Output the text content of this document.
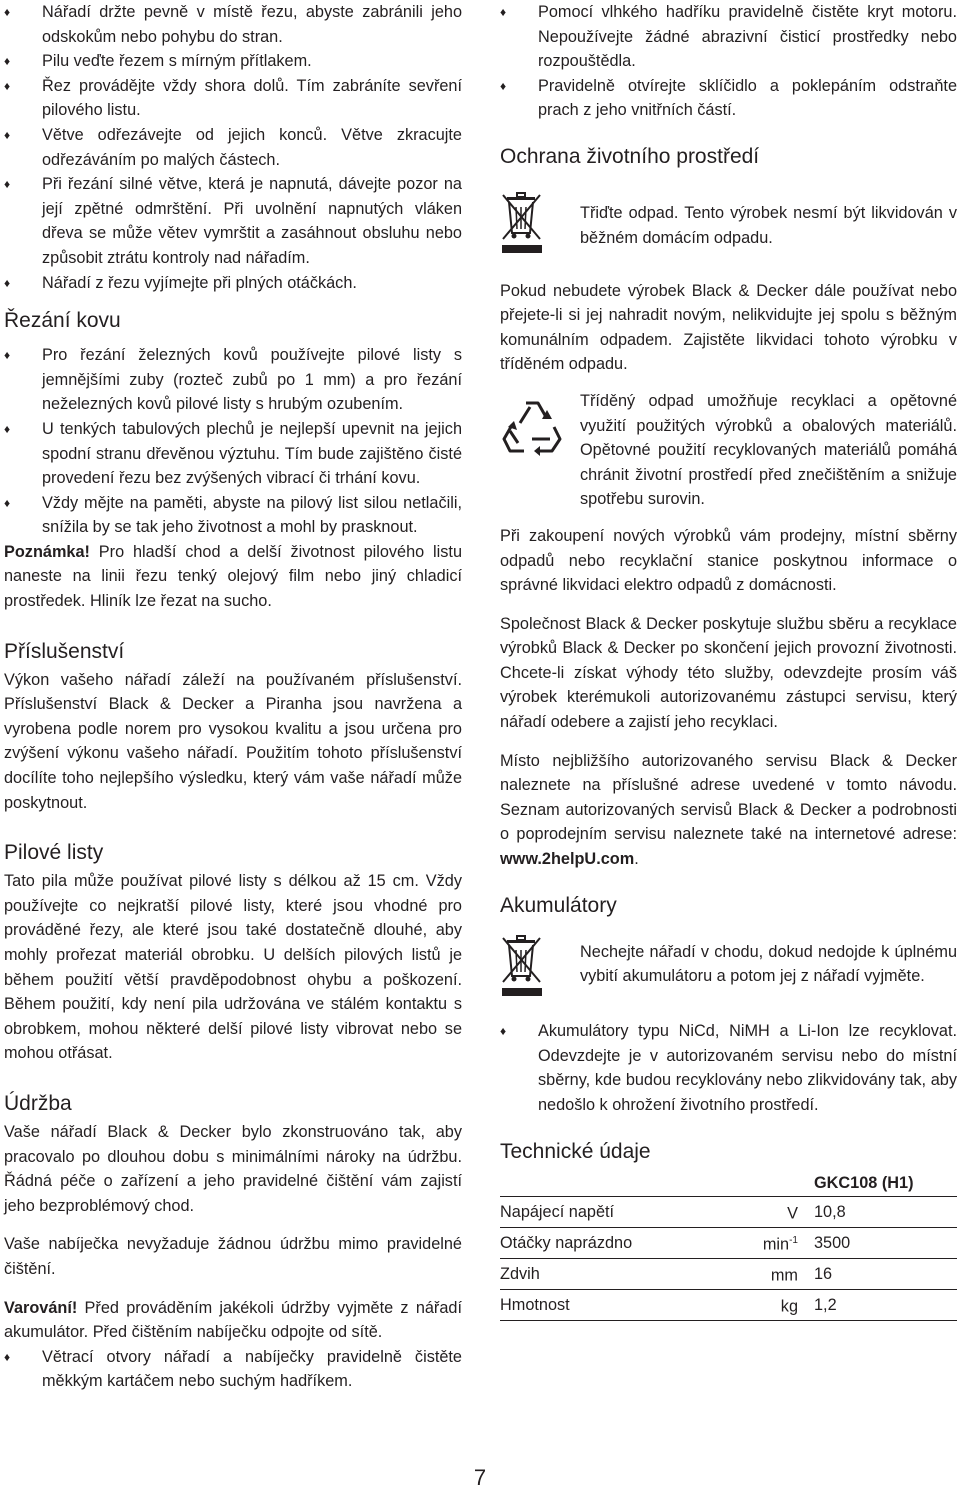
♦ Nářadí držte pevně v místě řezu, abyste zabránili jeho odskokům nebo pohybu do stran.
♦ Pilu veďte řezem s mírným přítlakem.
♦ Řez provádějte vždy shora dolů. Tím zabráníte sevření pilového listu.
♦ Větve odřezávejte od jejich konců. Větve zkracujte odřezáváním po malých částech.
♦ Při řezání silné větve, která je napnutá, dávejte pozor na její zpětné odmrštění. Při uvolnění napnutých vláken dřeva se může větev vymrštit a zasáhnout obsluhu nebo způsobit ztrátu kontroly nad nářadím.
♦ Nářadí z řezu vyjímejte při plných otáčkách.
Řezání kovu
♦ Pro řezání železných kovů používejte pilové listy s jemnějšími zuby (rozteč zubů po 1 mm) a pro řezání neželezných kovů pilové listy s hrubým ozubením.
♦ U tenkých tabulových plechů je nejlepší upevnit na jejich spodní stranu dřevěnou výztuhu. Tím bude zajištěno čisté provedení řezu bez zvýšených vibrací či trhání kovu.
♦ Vždy mějte na paměti, abyste na pilový list silou netlačili, snížila by se tak jeho životnost a mohl by prasknout.

Poznámka! Pro hladší chod a delší životnost pilového listu naneste na linii řezu tenký olejový film nebo jiný chladicí prostředek. Hliník lze řezat na sucho.

Příslušenství

Výkon vašeho nářadí záleží na používaném příslušenství. Příslušenství Black & Decker a Piranha jsou navržena a vyrobena podle norem pro vysokou kvalitu a jsou určena pro zvýšení výkonu vašeho nářadí. Použitím tohoto příslušenství docílíte toho nejlepšího výsledku, který vám vaše nářadí může poskytnout.

Pilové listy

Tato pila může používat pilové listy s délkou až 15 cm. Vždy používejte co nejkratší pilové listy, které jsou vhodné pro prováděné řezy, ale které jsou také dostatečně dlouhé, aby mohly prořezat materiál obrobku. U delších pilových listů je během použití větší pravděpodobnost ohybu a poškození. Během použití, kdy není pila udržována ve stálém kontaktu s obrobkem, mohou některé delší pilové listy vibrovat nebo se mohou otřásat.

Údržba

Vaše nářadí Black & Decker bylo zkonstruováno tak, aby pracovalo po dlouhou dobu s minimálními nároky na údržbu. Řádná péče o zařízení a jeho pravidelné čištění vám zajistí jeho bezproblémový chod.

Vaše nabíječka nevyžaduje žádnou údržbu mimo pravidelné čištění.

Varování! Před prováděním jakékoli údržby vyjměte z nářadí akumulátor. Před čištěním nabíječku odpojte od sítě.

♦ Větrací otvory nářadí a nabíječky pravidelně čistěte měkkým kartáčem nebo suchým hadříkem.
♦ Pomocí vlhkého hadříku pravidelně čistěte kryt motoru. Nepoužívejte žádné abrazivní čisticí prostředky nebo rozpouštědla.
♦ Pravidelně otvírejte sklíčidlo a poklepáním odstraňte prach z jeho vnitřních částí.
Ochrana životního prostředí
Třiďte odpad. Tento výrobek nesmí být likvidován v běžném domácím odpadu.

Pokud nebudete výrobek Black & Decker dále používat nebo přejete-li si jej nahradit novým, nelikvidujte jej spolu s běžným komunálním odpadem. Zajistěte likvidaci tohoto výrobku v tříděném odpadu.

Tříděný odpad umožňuje recyklaci a opětovné využití použitých výrobků a obalových materiálů. Opětovné použití recyklovaných materiálů pomáhá chránit životní prostředí před znečištěním a snižuje spotřebu surovin.

Při zakoupení nových výrobků vám prodejny, místní sběrny odpadů nebo recyklační stanice poskytnou informace o správné likvidaci elektro odpadů z domácnosti.

Společnost Black & Decker poskytuje službu sběru a recyklace výrobků Black & Decker po skončení jejich provozní životnosti. Chcete-li získat výhody této služby, odevzdejte prosím váš výrobek kterémukoli autorizovanému zástupci servisu, který nářadí odebere a zajistí jeho recyklaci.

Místo nejbližšího autorizovaného servisu Black & Decker naleznete na příslušné adrese uvedené v tomto návodu. Seznam autorizovaných servisů Black & Decker a podrobnosti o poprodejním servisu naleznete také na internetové adrese: www.2helpU.com.

Akumulátory
Nechejte nářadí v chodu, dokud nedojde k úplnému vybití akumulátoru a potom jej z nářadí vyjměte.
♦ Akumulátory typu NiCd, NiMH a Li-Ion lze recyklovat. Odevzdejte je v autorizovaném servisu nebo do místní sběrny, kde budou recyklovány nebo zlikvidovány tak, aby nedošlo k ohrožení životního prostředí.
Technické údaje
		GKC108 (H1)
Napájecí napětí	V	10,8
Otáčky naprázdno	$\min^{-1}$	3500
Zdvih	mm	16
Hmotnost	kg	1,2
7
